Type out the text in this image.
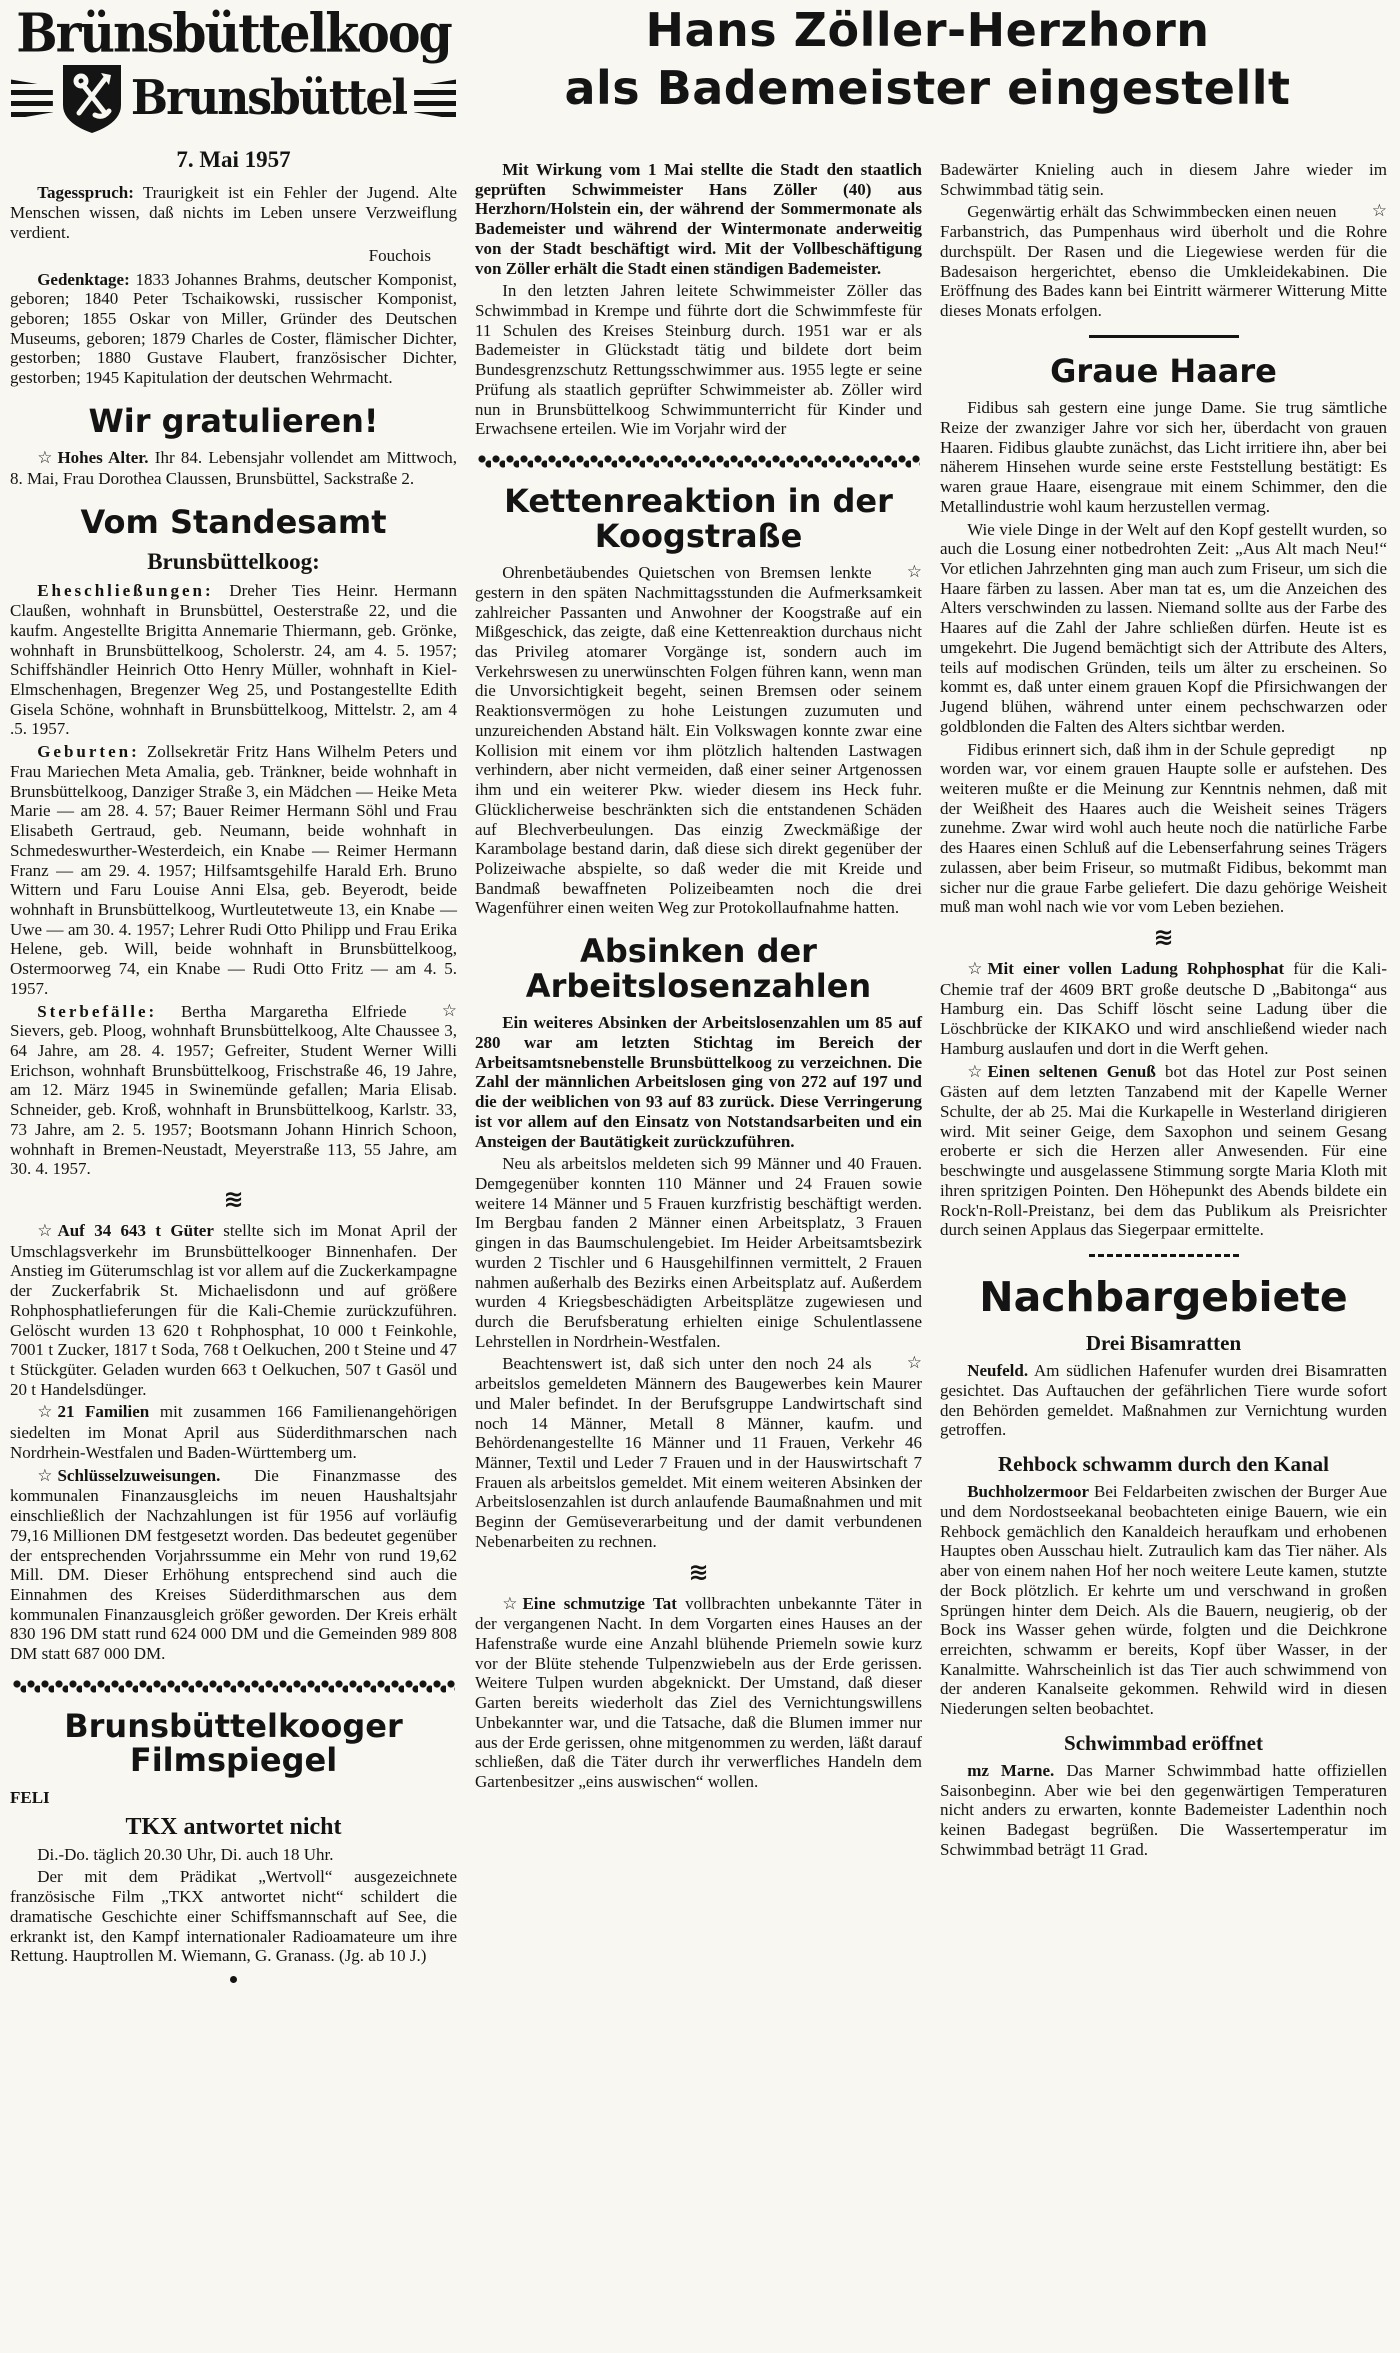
Hans Zöller-Herzhorn
als Bademeister eingestellt
Brünsbüttelkoog
Brunsbüttel
7. Mai 1957

Tagesspruch: Traurigkeit ist ein Fehler der Jugend. Alte Menschen wissen, daß nichts im Leben unsere Verzweiflung verdient.

Fouchois

Gedenktage: 1833 Johannes Brahms, deutscher Komponist, geboren; 1840 Peter Tschaikowski, russischer Komponist, geboren; 1855 Oskar von Miller, Gründer des Deutschen Museums, geboren; 1879 Charles de Coster, flämischer Dichter, gestorben; 1880 Gustave Flaubert, französischer Dichter, gestorben; 1945 Kapitulation der deutschen Wehrmacht.

Wir gratulieren!

☆ Hohes Alter. Ihr 84. Lebensjahr vollendet am Mittwoch, 8. Mai, Frau Dorothea Claussen, Brunsbüttel, Sackstraße 2.

Vom Standesamt
Brunsbüttelkoog:

Eheschließungen: Dreher Ties Heinr. Hermann Claußen, wohnhaft in Brunsbüttel, Oesterstraße 22, und die kaufm. Angestellte Brigitta Annemarie Thiermann, geb. Grönke, wohnhaft in Brunsbüttelkoog, Scholerstr. 24, am 4. 5. 1957; Schiffshändler Heinrich Otto Henry Müller, wohnhaft in Kiel-Elmschenhagen, Bregenzer Weg 25, und Postangestellte Edith Gisela Schöne, wohnhaft in Brunsbüttelkoog, Mittelstr. 2, am 4 .5. 1957.

Geburten: Zollsekretär Fritz Hans Wilhelm Peters und Frau Mariechen Meta Amalia, geb. Tränkner, beide wohnhaft in Brunsbüttelkoog, Danziger Straße 3, ein Mädchen — Heike Meta Marie — am 28. 4. 57; Bauer Reimer Hermann Söhl und Frau Elisabeth Gertraud, geb. Neumann, beide wohnhaft in Schmedeswurther-Westerdeich, ein Knabe — Reimer Hermann Franz — am 29. 4. 1957; Hilfsamtsgehilfe Harald Erh. Bruno Wittern und Faru Louise Anni Elsa, geb. Beyerodt, beide wohnhaft in Brunsbüttelkoog, Wurtleutetweute 13, ein Knabe — Uwe — am 30. 4. 1957; Lehrer Rudi Otto Philipp und Frau Erika Helene, geb. Will, beide wohnhaft in Brunsbüttelkoog, Ostermoorweg 74, ein Knabe — Rudi Otto Fritz — am 4. 5. 1957.

Sterbefälle:	☆
Bertha Margaretha Elfriede Sievers, geb. Ploog, wohnhaft Brunsbüttelkoog, Alte Chaussee 3, 64 Jahre, am 28. 4. 1957; Gefreiter, Student Werner Willi Erichson, wohnhaft Brunsbüttelkoog, Frischstraße 46, 19 Jahre, am 12. März 1945 in Swinemünde gefallen; Maria Elisab. Schneider, geb. Kroß, wohnhaft in Brunsbüttelkoog, Karlstr. 33, 73 Jahre, am 2. 5. 1957; Bootsmann Johann Hinrich Schoon, wohnhaft in Bremen-Neustadt, Meyerstraße 113, 55 Jahre, am 30. 4. 1957.

≋

☆ Auf 34 643 t Güter stellte sich im Monat April der Umschlagsverkehr im Brunsbüttelkooger Binnenhafen. Der Anstieg im Güterumschlag ist vor allem auf die Zuckerkampagne der Zuckerfabrik St. Michaelisdonn und auf größere Rohphosphatlieferungen für die Kali-Chemie zurückzuführen. Gelöscht wurden 13 620 t Rohphosphat, 10 000 t Feinkohle, 7001 t Zucker, 1817 t Soda, 768 t Oelkuchen, 200 t Steine und 47 t Stückgüter. Geladen wurden 663 t Oelkuchen, 507 t Gasöl und 20 t Handelsdünger.

☆ 21 Familien mit zusammen 166 Familienangehörigen siedelten im Monat April aus Süderdithmarschen nach Nordrhein-Westfalen und Baden-Württemberg um.

☆ Schlüsselzuweisungen. Die Finanzmasse des kommunalen Finanzausgleichs im neuen Haushaltsjahr einschließlich der Nachzahlungen ist für 1956 auf vorläufig 79,16 Millionen DM festgesetzt worden. Das bedeutet gegenüber der entsprechenden Vorjahrssumme ein Mehr von rund 19,62 Mill. DM. Dieser Erhöhung entsprechend sind auch die Einnahmen des Kreises Süderdithmarschen aus dem kommunalen Finanzausgleich größer geworden. Der Kreis erhält 830 196 DM statt rund 624 000 DM und die Gemeinden 989 808 DM statt 687 000 DM.

Brunsbüttelkooger Filmspiegel

FELI

TKX antwortet nicht

Di.-Do. täglich 20.30 Uhr, Di. auch 18 Uhr.

Der mit dem Prädikat „Wertvoll“ ausgezeichnete französische Film „TKX antwortet nicht“ schildert die dramatische Geschichte einer Schiffsmannschaft auf See, die erkrankt ist, den Kampf internationaler Radioamateure um ihre Rettung. Hauptrollen M. Wiemann, G. Granass. (Jg. ab 10 J.)

Mit Wirkung vom 1 Mai stellte die Stadt den staatlich geprüften Schwimmeister Hans Zöller (40) aus Herzhorn/Holstein ein, der während der Sommermonate als Bademeister und während der Wintermonate anderweitig von der Stadt beschäftigt wird. Mit der Vollbeschäftigung von Zöller erhält die Stadt einen ständigen Bademeister.

In den letzten Jahren leitete Schwimmeister Zöller das Schwimmbad in Krempe und führte dort die Schwimmfeste für 11 Schulen des Kreises Steinburg durch. 1951 war er als Bademeister in Glückstadt tätig und bildete dort beim Bundesgrenzschutz Rettungsschwimmer aus. 1955 legte er seine Prüfung als staatlich geprüfter Schwimmeister ab. Zöller wird nun in Brunsbüttelkoog Schwimmunterricht für Kinder und Erwachsene erteilen. Wie im Vorjahr wird der

Kettenreaktion in der Koogstraße

☆
Ohrenbetäubendes Quietschen von Bremsen lenkte gestern in den späten Nachmittagsstunden die Aufmerksamkeit zahlreicher Passanten und Anwohner der Koogstraße auf ein Mißgeschick, das zeigte, daß eine Kettenreaktion durchaus nicht das Privileg atomarer Vorgänge ist, sondern auch im Verkehrswesen zu unerwünschten Folgen führen kann, wenn man die Unvorsichtigkeit begeht, seinen Bremsen oder seinem Reaktionsvermögen zu hohe Leistungen zuzumuten und unzureichenden Abstand hält. Ein Volkswagen konnte zwar eine Kollision mit einem vor ihm plötzlich haltenden Lastwagen verhindern, aber nicht vermeiden, daß einer seiner Artgenossen ihm und ein weiterer Pkw. wieder diesem ins Heck fuhr. Glücklicherweise beschränkten sich die entstandenen Schäden auf Blechverbeulungen. Das einzig Zweckmäßige der Karambolage bestand darin, daß diese sich direkt gegenüber der Polizeiwache abspielte, so daß weder die mit Kreide und Bandmaß bewaffneten Polizeibeamten noch die drei Wagenführer einen weiten Weg zur Protokollaufnahme hatten.

Absinken der Arbeitslosenzahlen

Ein weiteres Absinken der Arbeitslosenzahlen um 85 auf 280 war am letzten Stichtag im Bereich der Arbeitsamtsnebenstelle Brunsbüttelkoog zu verzeichnen. Die Zahl der männlichen Arbeitslosen ging von 272 auf 197 und die der weiblichen von 93 auf 83 zurück. Diese Verringerung ist vor allem auf den Einsatz von Notstandsarbeiten und ein Ansteigen der Bautätigkeit zurückzuführen.

Neu als arbeitslos meldeten sich 99 Männer und 40 Frauen. Demgegenüber konnten 110 Männer und 24 Frauen sowie weitere 14 Männer und 5 Frauen kurzfristig beschäftigt werden. Im Bergbau fanden 2 Männer einen Arbeitsplatz, 3 Frauen gingen in das Baumschulengebiet. Im Heider Arbeitsamtsbezirk wurden 2 Tischler und 6 Hausgehilfinnen vermittelt, 2 Frauen nahmen außerhalb des Bezirks einen Arbeitsplatz auf. Außerdem wurden 4 Kriegsbeschädigten Arbeitsplätze zugewiesen und durch die Berufsberatung erhielten einige Schulentlassene Lehrstellen in Nordrhein-Westfalen.

☆
Beachtenswert ist, daß sich unter den noch 24 als arbeitslos gemeldeten Männern des Baugewerbes kein Maurer und Maler befindet. In der Berufsgruppe Landwirtschaft sind noch 14 Männer, Metall 8 Männer, kaufm. und Behördenangestellte 16 Männer und 11 Frauen, Verkehr 46 Männer, Textil und Leder 7 Frauen und in der Hauswirtschaft 7 Frauen als arbeitslos gemeldet. Mit einem weiteren Absinken der Arbeitslosenzahlen ist durch anlaufende Baumaßnahmen und mit Beginn der Gemüseverarbeitung und der damit verbundenen Nebenarbeiten zu rechnen.

≋

☆ Eine schmutzige Tat vollbrachten unbekannte Täter in der vergangenen Nacht. In dem Vorgarten eines Hauses an der Hafenstraße wurde eine Anzahl blühende Priemeln sowie kurz vor der Blüte stehende Tulpenzwiebeln aus der Erde gerissen. Weitere Tulpen wurden abgeknickt. Der Umstand, daß dieser Garten bereits wiederholt das Ziel des Vernichtungswillens Unbekannter war, und die Tatsache, daß die Blumen immer nur aus der Erde gerissen, ohne mitgenommen zu werden, läßt darauf schließen, daß die Täter durch ihr verwerfliches Handeln dem Gartenbesitzer „eins auswischen“ wollen.

Badewärter Knieling auch in diesem Jahre wieder im Schwimmbad tätig sein.

☆
Gegenwärtig erhält das Schwimmbecken einen neuen Farbanstrich, das Pumpenhaus wird überholt und die Rohre durchspült. Der Rasen und die Liegewiese werden für die Badesaison hergerichtet, ebenso die Umkleidekabinen. Die Eröffnung des Bades kann bei Eintritt wärmerer Witterung Mitte dieses Monats erfolgen.

Graue Haare

Fidibus sah gestern eine junge Dame. Sie trug sämtliche Reize der zwanziger Jahre vor sich her, überdacht von grauen Haaren. Fidibus glaubte zunächst, das Licht irritiere ihn, aber bei näherem Hinsehen wurde seine erste Feststellung bestätigt: Es waren graue Haare, eisengraue mit einem Schimmer, den die Metallindustrie wohl kaum herzustellen vermag.

Wie viele Dinge in der Welt auf den Kopf gestellt wurden, so auch die Losung einer notbedrohten Zeit: „Aus Alt mach Neu!“ Vor etlichen Jahrzehnten ging man auch zum Friseur, um sich die Haare färben zu lassen. Aber man tat es, um die Anzeichen des Alters verschwinden zu lassen. Niemand sollte aus der Farbe des Haares auf die Zahl der Jahre schließen dürfen. Heute ist es umgekehrt. Die Jugend bemächtigt sich der Attribute des Alters, teils auf modischen Gründen, teils um älter zu erscheinen. So kommt es, daß unter einem grauen Kopf die Pfirsichwangen der Jugend blühen, während unter einem pechschwarzen oder goldblonden die Falten des Alters sichtbar werden.

np
Fidibus erinnert sich, daß ihm in der Schule gepredigt worden war, vor einem grauen Haupte solle er aufstehen. Des weiteren mußte er die Meinung zur Kenntnis nehmen, daß mit der Weißheit des Haares auch die Weisheit seines Trägers zunehme. Zwar wird wohl auch heute noch die natürliche Farbe des Haares einen Schluß auf die Lebenserfahrung seines Trägers zulassen, aber beim Friseur, so mutmaßt Fidibus, bekommt man sicher nur die graue Farbe geliefert. Die dazu gehörige Weisheit muß man wohl nach wie vor vom Leben beziehen.

≋

☆ Mit einer vollen Ladung Rohphosphat für die Kali-Chemie traf der 4609 BRT große deutsche D „Babitonga“ aus Hamburg ein. Das Schiff löscht seine Ladung über die Löschbrücke der KIKAKO und wird anschließend wieder nach Hamburg auslaufen und dort in die Werft gehen.

☆ Einen seltenen Genuß bot das Hotel zur Post seinen Gästen auf dem letzten Tanzabend mit der Kapelle Werner Schulte, der ab 25. Mai die Kurkapelle in Westerland dirigieren wird. Mit seiner Geige, dem Saxophon und seinem Gesang eroberte er sich die Herzen aller Anwesenden. Für eine beschwingte und ausgelassene Stimmung sorgte Maria Kloth mit ihren spritzigen Pointen. Den Höhepunkt des Abends bildete ein Rock'n-Roll-Preistanz, bei dem das Publikum als Preisrichter durch seinen Applaus das Siegerpaar ermittelte.

Nachbargebiete
Drei Bisamratten

Neufeld. Am südlichen Hafenufer wurden drei Bisamratten gesichtet. Das Auftauchen der gefährlichen Tiere wurde sofort den Behörden gemeldet. Maßnahmen zur Vernichtung wurden getroffen.

Rehbock schwamm durch den Kanal

Buchholzermoor Bei Feldarbeiten zwischen der Burger Aue und dem Nordostseekanal beobachteten einige Bauern, wie ein Rehbock gemächlich den Kanaldeich heraufkam und erhobenen Hauptes oben Ausschau hielt. Zutraulich kam das Tier näher. Als aber von einem nahen Hof her noch weitere Leute kamen, stutzte der Bock plötzlich. Er kehrte um und verschwand in großen Sprüngen hinter dem Deich. Als die Bauern, neugierig, ob der Bock ins Wasser gehen würde, folgten und die Deichkrone erreichten, schwamm er bereits, Kopf über Wasser, in der Kanalmitte. Wahrscheinlich ist das Tier auch schwimmend von der anderen Kanalseite gekommen. Rehwild wird in diesen Niederungen selten beobachtet.

Schwimmbad eröffnet

mz Marne. Das Marner Schwimmbad hatte offiziellen Saisonbeginn. Aber wie bei den gegenwärtigen Temperaturen nicht anders zu erwarten, konnte Bademeister Ladenthin noch keinen Badegast begrüßen. Die Wassertemperatur im Schwimmbad beträgt 11 Grad.
